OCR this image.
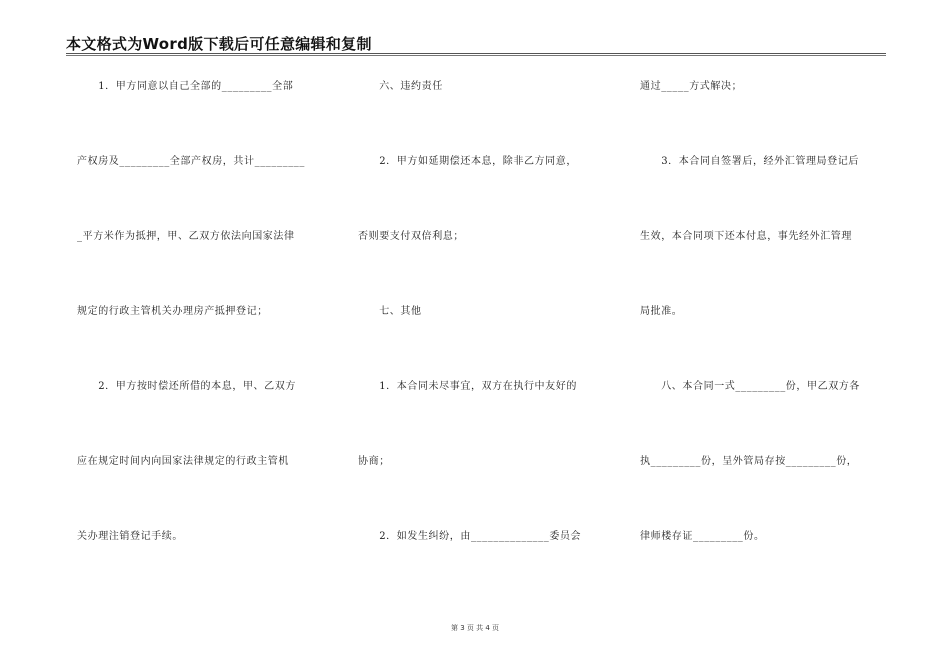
本文格式为Word版下载后可任意编辑和复制
　　1．甲方同意以自己全部的_________全部
产权房及_________全部产权房，共计_________
_平方米作为抵押，甲、乙双方依法向国家法律
规定的行政主管机关办理房产抵押登记；
　　2．甲方按时偿还所借的本息，甲、乙双方
应在规定时间内向国家法律规定的行政主管机
关办理注销登记手续。
　　六、违约责任
　　2．甲方如延期偿还本息，除非乙方同意，
否则要支付双倍利息；
　　七、其他
　　1．本合同未尽事宜，双方在执行中友好的
协商；
　　2．如发生纠纷，由______________委员会
通过_____方式解决；
　　3．本合同自签署后，经外汇管理局登记后
生效，本合同项下还本付息，事先经外汇管理
局批准。
　　八、本合同一式_________份，甲乙双方各
执_________份，呈外管局存按_________份，
律师楼存证_________份。
第 3 页 共 4 页
